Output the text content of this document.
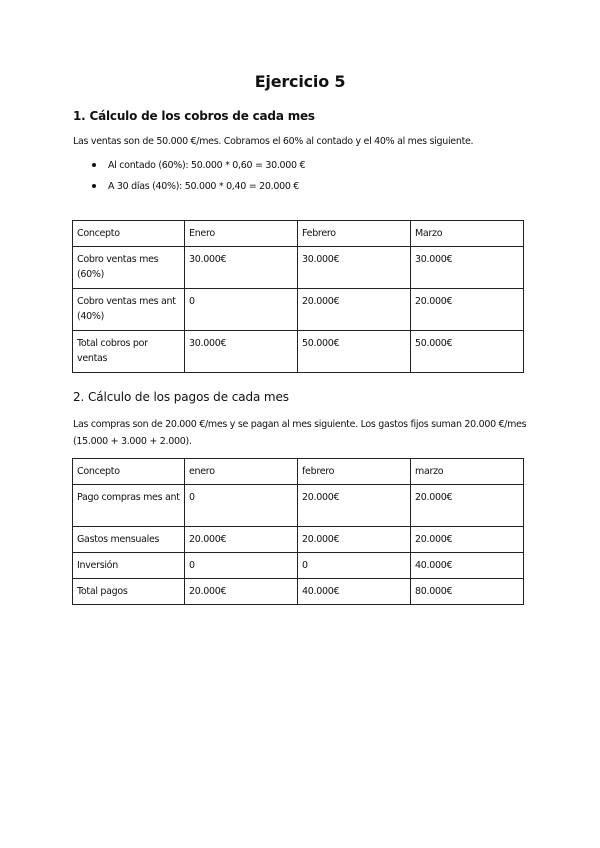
Ejercicio 5
1. Cálculo de los cobros de cada mes
Las ventas son de 50.000 €/mes. Cobramos el 60% al contado y el 40% al mes siguiente.
Al contado (60%): 50.000 * 0,60 = 30.000 €
A 30 días (40%): 50.000 * 0,40 = 20.000 €
Concepto	Enero	Febrero	Marzo
Cobro ventas mes (60%)	30.000€	30.000€	30.000€
Cobro ventas mes ant (40%)	0	20.000€	20.000€
Total cobros por ventas	30.000€	50.000€	50.000€
2. Cálculo de los pagos de cada mes
Las compras son de 20.000 €/mes y se pagan al mes siguiente. Los gastos fijos suman 20.000 €/mes (15.000 + 3.000 + 2.000).
Concepto	enero	febrero	marzo
Pago compras mes ant	0	20.000€	20.000€
Gastos mensuales	20.000€	20.000€	20.000€
Inversión	0	0	40.000€
Total pagos	20.000€	40.000€	80.000€
